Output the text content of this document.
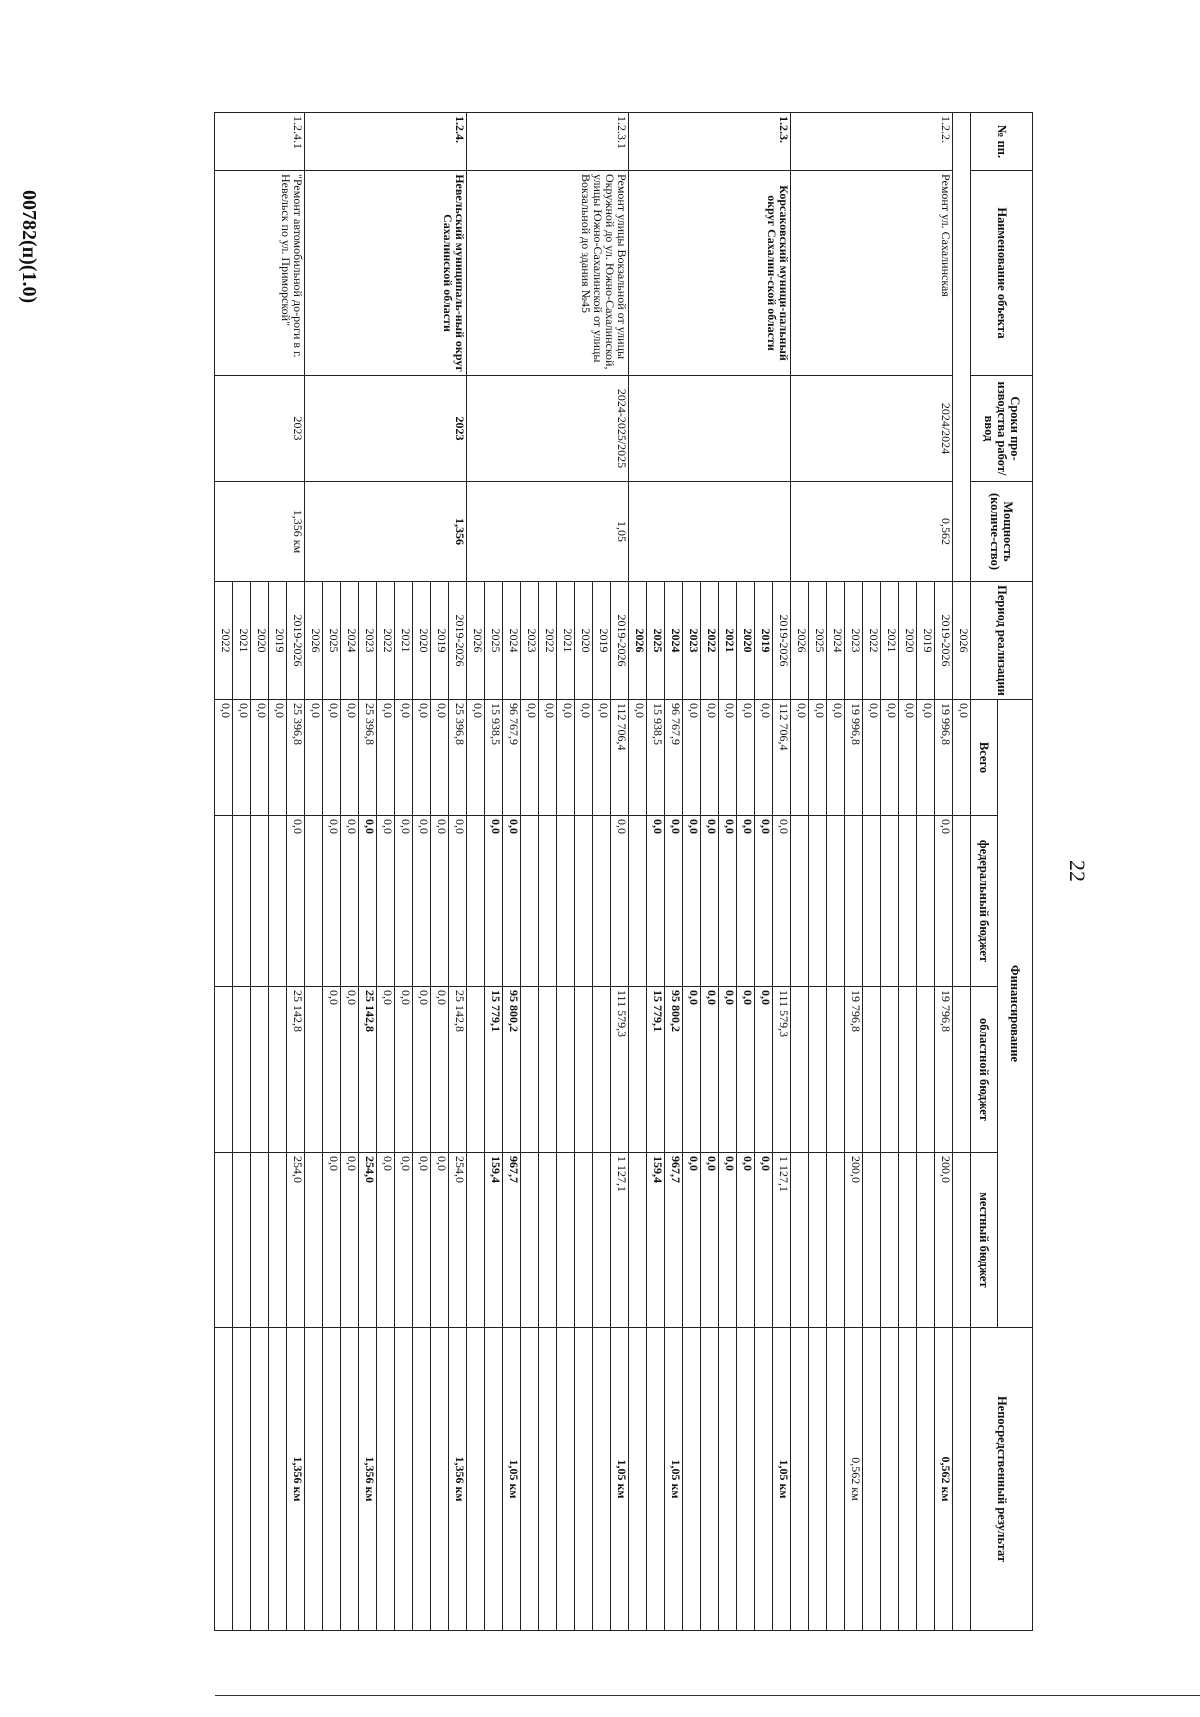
22
00782(п)(1.0)
№ пп.	Наименование объекта	Сроки про-изводства работ/ ввод	Мощность (количе-ство)	Период реализации	Финансирование				Непосредственный результат
					Всего	федеральный бюджет	областной бюджет	местный бюджет	
				2026	0,0				
1.2.2.	Ремонт ул. Сахалинская	2024/2024	0,562	2019-2026	19 996,8	0,0	19 796,8	200,0	0,562 км
				2019	0,0				
				2020	0,0				
				2021	0,0				
				2022	0,0				
				2023	19 996,8		19 796,8	200,0	0,562 км
				2024	0,0				
				2025	0,0				
				2026	0,0				
1.2.3.	Корсаковский муници-пальный округ Сахалин-ской области			2019-2026	112 706,4	0,0	111 579,3	1 127,1	1,05 км
				2019	0,0	0,0	0,0	0,0	
				2020	0,0	0,0	0,0	0,0	
				2021	0,0	0,0	0,0	0,0	
				2022	0,0	0,0	0,0	0,0	
				2023	0,0	0,0	0,0	0,0	
				2024	96 767,9	0,0	95 800,2	967,7	1,05 км
				2025	15 938,5	0,0	15 779,1	159,4	
				2026	0,0				
1.2.3.1	Ремонт улицы Вокзальной от улицы Окружной до ул. Южно-Сахалинской, улицы Южно-Сахалинской от улицы Вокзальной до здания №45	2024-2025/2025	1,05	2019-2026	112 706,4	0,0	111 579,3	1 127,1	1,05 км
				2019	0,0				
				2020	0,0				
				2021	0,0				
				2022	0,0				
				2023	0,0				
				2024	96 767,9	0,0	95 800,2	967,7	1,05 км
				2025	15 938,5	0,0	15 779,1	159,4	
				2026	0,0				
1.2.4.	Невельский муниципаль-ный округ Сахалинской области	2023	1,356	2019-2026	25 396,8	0,0	25 142,8	254,0	1,356 км
				2019	0,0	0,0	0,0	0,0	
				2020	0,0	0,0	0,0	0,0	
				2021	0,0	0,0	0,0	0,0	
				2022	0,0	0,0	0,0	0,0	
				2023	25 396,8	0,0	25 142,8	254,0	1,356 км
				2024	0,0	0,0	0,0	0,0	
				2025	0,0	0,0	0,0	0,0	
				2026	0,0				
1.2.4.1	"Ремонт автомобильной до-роги в г. Невельск по ул. Приморской"	2023	1,356 км	2019-2026	25 396,8	0,0	25 142,8	254,0	1,356 км
				2019	0,0				
				2020	0,0				
				2021	0,0				
				2022	0,0				
